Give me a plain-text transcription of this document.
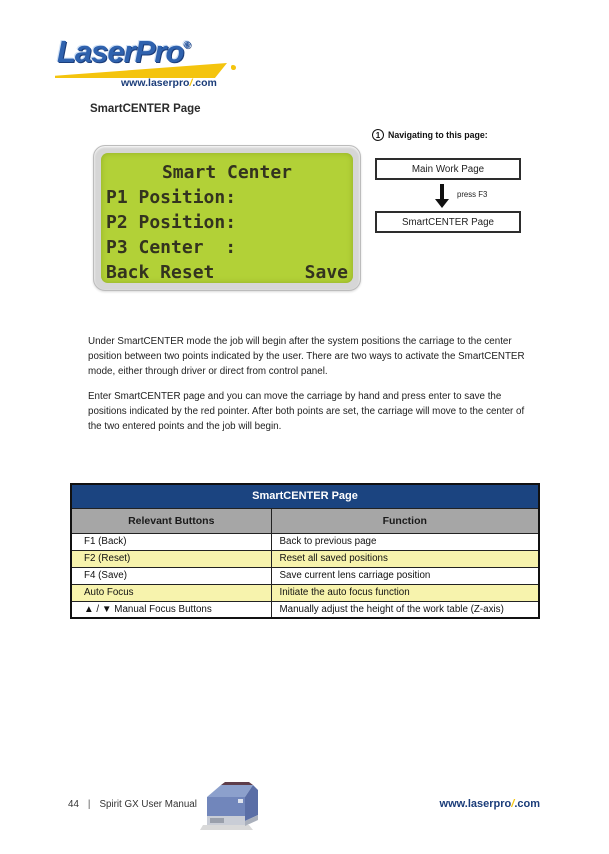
LaserPro®
www.laserpro/.com
SmartCENTER Page
Smart Center
P1 Position:
P2 Position:
P3 Center  :
Back Reset	Save
1 Navigating to this page:
Main Work Page
press F3
SmartCENTER Page
Under SmartCENTER mode the job will begin after the system positions the carriage to the center position between two points indicated by the user. There are two ways to activate the SmartCENTER mode, either through driver or direct from control panel.
Enter SmartCENTER page and you can move the carriage by hand and press enter to save the positions indicated by the red pointer. After both points are set, the carriage will move to the center of the two entered points and the job will begin.
SmartCENTER Page	
Relevant Buttons	Function
F1 (Back)	Back to previous page
F2 (Reset)	Reset all saved positions
F4 (Save)	Save current lens carriage position
Auto Focus	Initiate the auto focus function
▲ / ▼ Manual Focus Buttons	Manually adjust the height of the work table (Z-axis)
44 | Spirit GX User Manual	www.laserpro/.com
